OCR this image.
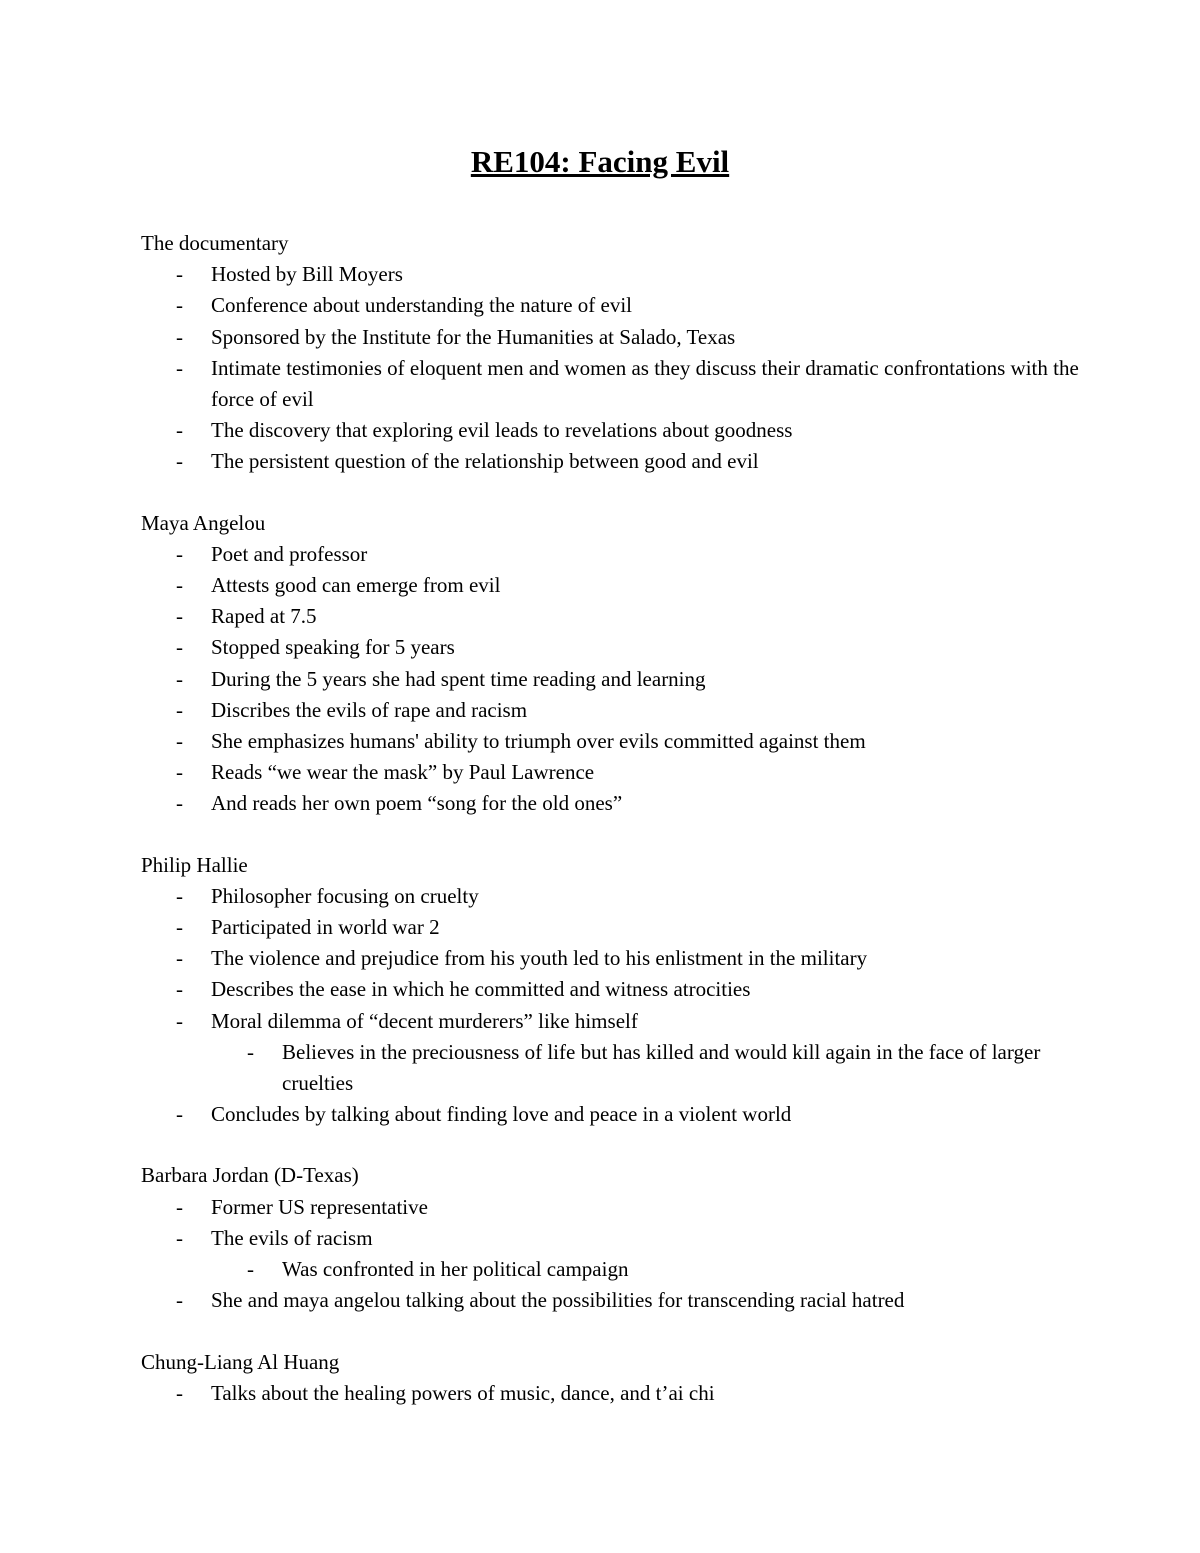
RE104: Facing Evil
The documentary
- Hosted by Bill Moyers
- Conference about understanding the nature of evil
- Sponsored by the Institute for the Humanities at Salado, Texas
- Intimate testimonies of eloquent men and women as they discuss their dramatic confrontations with the force of evil
- The discovery that exploring evil leads to revelations about goodness
- The persistent question of the relationship between good and evil
Maya Angelou
- Poet and professor
- Attests good can emerge from evil
- Raped at 7.5
- Stopped speaking for 5 years
- During the 5 years she had spent time reading and learning
- Discribes the evils of rape and racism
- She emphasizes humans' ability to triumph over evils committed against them
- Reads “we wear the mask” by Paul Lawrence
- And reads her own poem “song for the old ones”
Philip Hallie
- Philosopher focusing on cruelty
- Participated in world war 2
- The violence and prejudice from his youth led to his enlistment in the military
- Describes the ease in which he committed and witness atrocities
- Moral dilemma of “decent murderers” like himself
- Believes in the preciousness of life but has killed and would kill again in the face of larger cruelties
- Concludes by talking about finding love and peace in a violent world
Barbara Jordan (D-Texas)
- Former US representative
- The evils of racism
- Was confronted in her political campaign
- She and maya angelou talking about the possibilities for transcending racial hatred
Chung-Liang Al Huang
- Talks about the healing powers of music, dance, and t’ai chi
